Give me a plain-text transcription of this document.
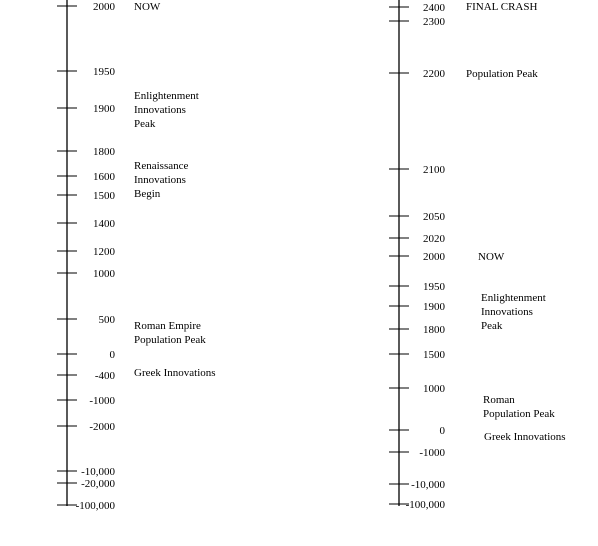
2000
1950
1900
1800
1600
1500
1400
1200
1000
500
0
-400
-1000
-2000
-10,000
-20,000
-100,000
NOW
Enlightenment
Innovations
Peak
Renaissance
Innovations
Begin
Roman Empire
Population Peak
Greek Innovations
2400
2300
2200
2100
2050
2020
2000
1950
1900
1800
1500
1000
0
-1000
-10,000
-100,000
FINAL CRASH
Population Peak
NOW
Enlightenment
Innovations
Peak
Roman
Population Peak
Greek Innovations
